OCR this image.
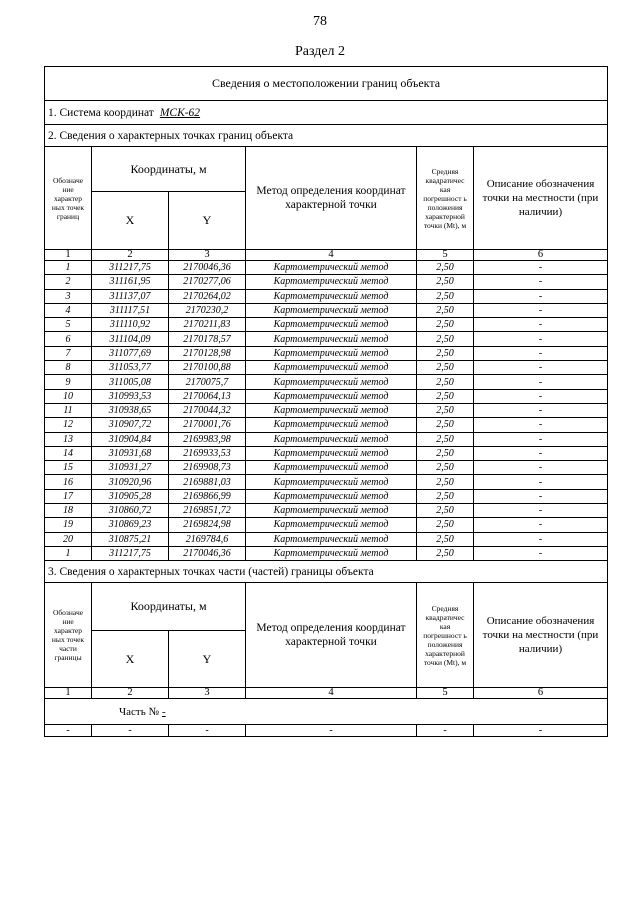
78
Раздел 2
Сведения о местоположении границ объекта					
1. Система координат МСК-62					
2. Сведения о характерных точках границ объекта					
Обозначе ние характер ных точек границ	Координаты, м		Метод определения координат характерной точки	Средняя квадратичес кая погрешност ь положения характерной точки (Mt), м	Описание обозначения точки на местности (при наличии)
	X	Y			
1	2	3	4	5	6
1	311217,75	2170046,36	Картометрический метод	2,50	-
2	311161,95	2170277,06	Картометрический метод	2,50	-
3	311137,07	2170264,02	Картометрический метод	2,50	-
4	311117,51	2170230,2	Картометрический метод	2,50	-
5	311110,92	2170211,83	Картометрический метод	2,50	-
6	311104,09	2170178,57	Картометрический метод	2,50	-
7	311077,69	2170128,98	Картометрический метод	2,50	-
8	311053,77	2170100,88	Картометрический метод	2,50	-
9	311005,08	2170075,7	Картометрический метод	2,50	-
10	310993,53	2170064,13	Картометрический метод	2,50	-
11	310938,65	2170044,32	Картометрический метод	2,50	-
12	310907,72	2170001,76	Картометрический метод	2,50	-
13	310904,84	2169983,98	Картометрический метод	2,50	-
14	310931,68	2169933,53	Картометрический метод	2,50	-
15	310931,27	2169908,73	Картометрический метод	2,50	-
16	310920,96	2169881,03	Картометрический метод	2,50	-
17	310905,28	2169866,99	Картометрический метод	2,50	-
18	310860,72	2169851,72	Картометрический метод	2,50	-
19	310869,23	2169824,98	Картометрический метод	2,50	-
20	310875,21	2169784,6	Картометрический метод	2,50	-
1	311217,75	2170046,36	Картометрический метод	2,50	-
3. Сведения о характерных точках части (частей) границы объекта					
Обозначе ние характер ных точек части границы	Координаты, м		Метод определения координат характерной точки	Средняя квадратичес кая погрешност ь положения характерной точки (Mt), м	Описание обозначения точки на местности (при наличии)
	X	Y			
1	2	3	4	5	6
Часть № -					
-	-	-	-	-	-
